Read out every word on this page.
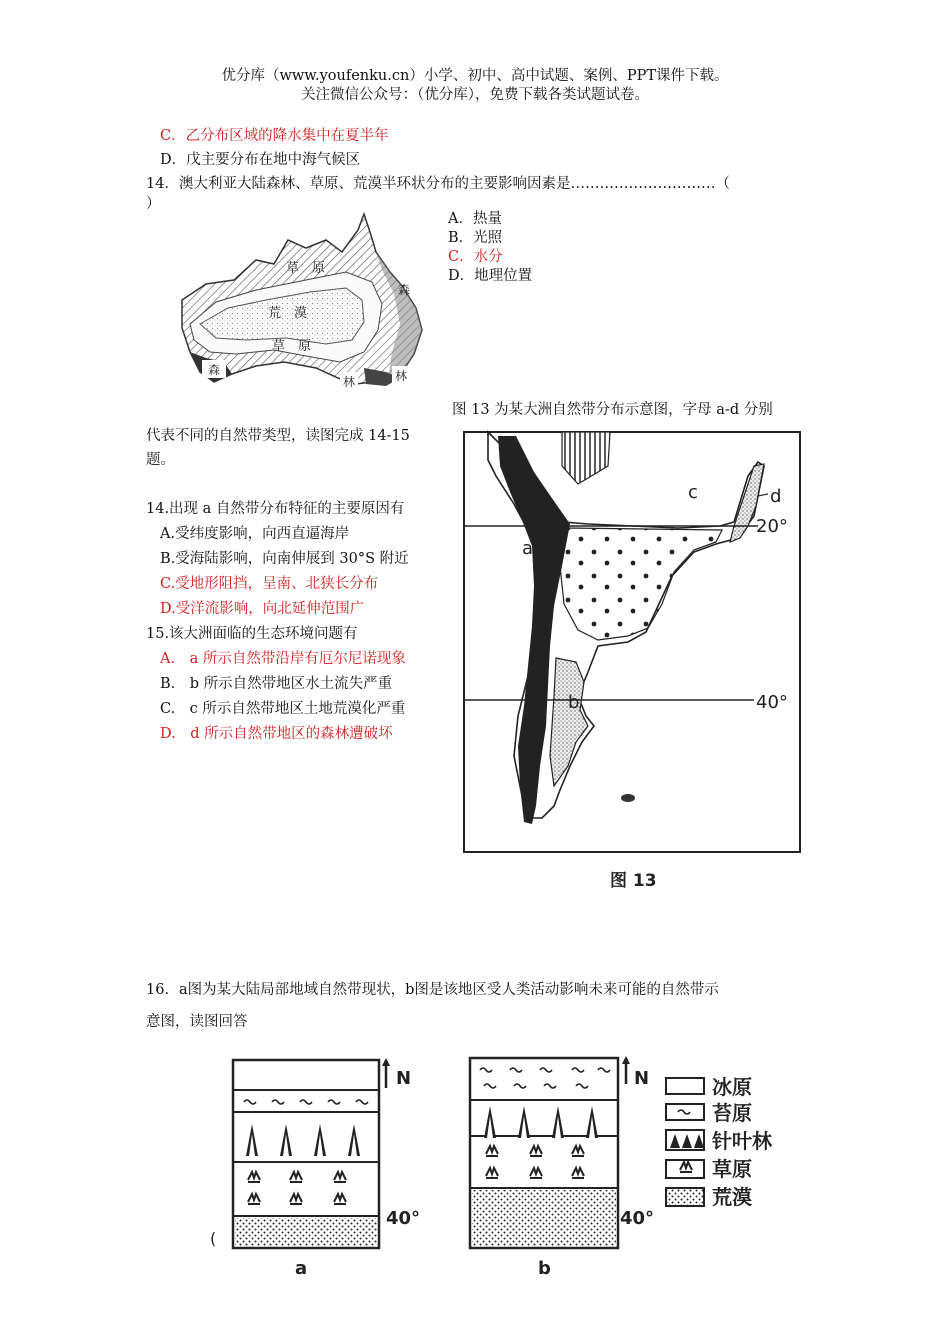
优分库（www.youfenku.cn）小学、初中、高中试题、案例、PPT课件下载。
关注微信公众号：（优分库），免费下载各类试题试卷。
C．乙分布区域的降水集中在夏半年
D．戊主要分布在地中海气候区
14．澳大利亚大陆森林、草原、荒漠半环状分布的主要影响因素是…………………………（
）
A．热量
B．光照
C．水分
D．地理位置
草　原
荒　漠
草　原
森
森
林	林
图 13 为某大洲自然带分布示意图，字母 a-d 分别
代表不同的自然带类型，读图完成 14-15
题。
14.出现 a 自然带分布特征的主要原因有
A.受纬度影响，向西直逼海岸
B.受海陆影响，向南伸展到 30°S 附近
C.受地形阻挡，呈南、北狭长分布
D.受洋流影响，向北延伸范围广
15.该大洲面临的生态环境问题有
A.　a 所示自然带沿岸有厄尔尼诺现象
B.　b 所示自然带地区水土流失严重
C.　c 所示自然带地区土地荒漠化严重
D.　d 所示自然带地区的森林遭破坏
a
b
c	d
20°
40°
图 13
16．a图为某大陆局部地域自然带现状，b图是该地区受人类活动影响未来可能的自然带示
意图，读图回答
N
40°
(
a
N
40°
b
冰原
苔原
针叶林
草原
荒漠
